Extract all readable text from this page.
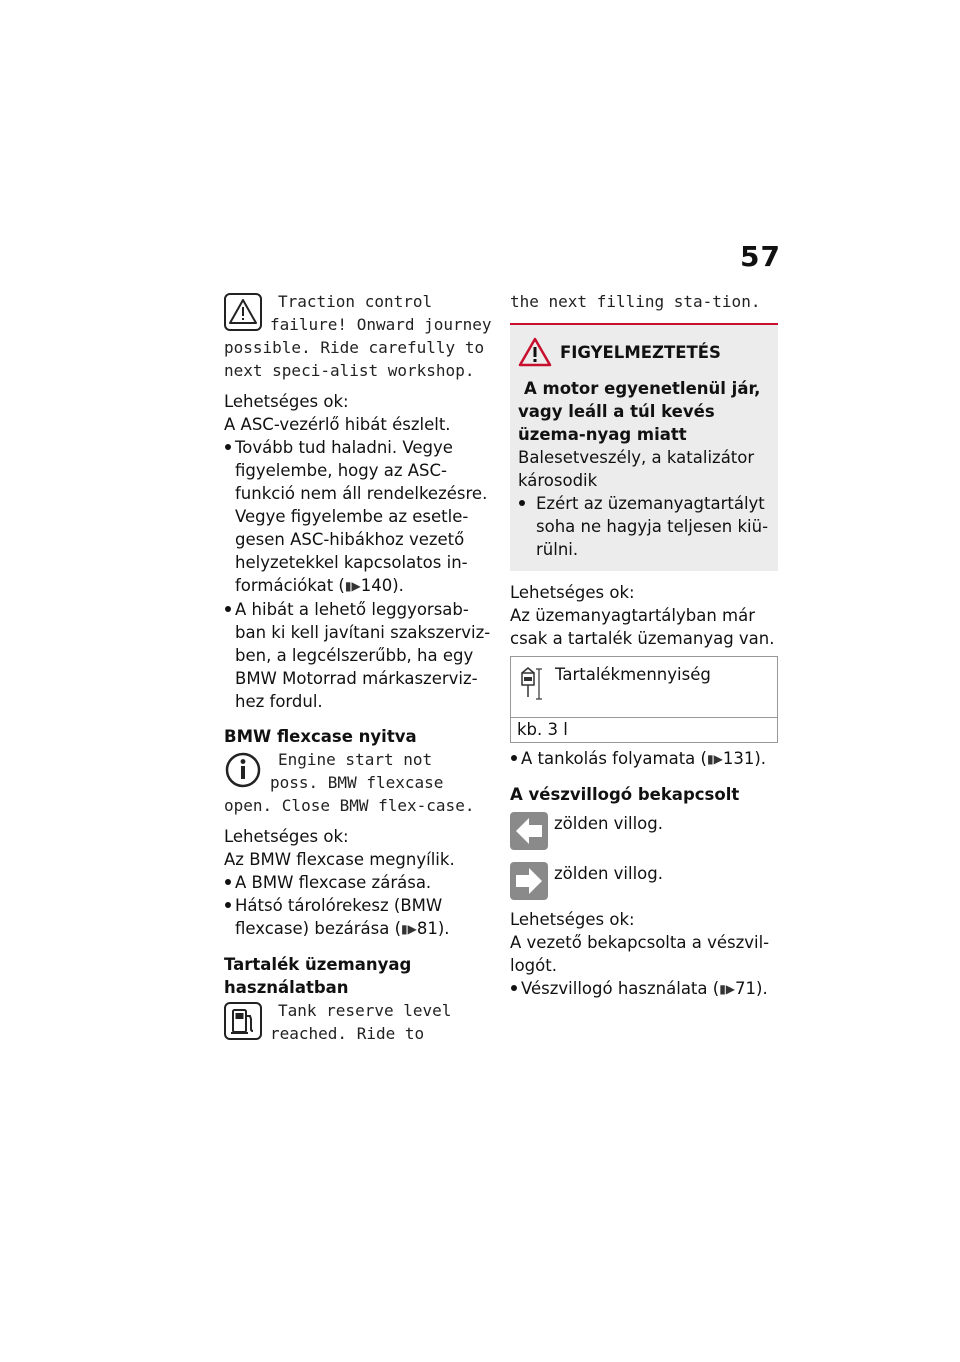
57
Traction control
failure! Onward journey possible. Ride carefully to next speci-alist workshop.

Lehetséges ok:

A ASC-vezérlő hibát észlelt.

Tovább tud haladni. Vegye figyelembe, hogy az ASC-funkció nem áll rendelkezésre. Vegye figyelembe az esetle-gesen ASC-hibákhoz vezető helyzetekkel kapcsolatos in-formációkat (▮▶140).
A hibát a lehető leggyorsab-ban ki kell javítani szakszerviz-ben, a legcélszerűbb, ha egy BMW Motorrad márkaszerviz-hez fordul.

BMW flexcase nyitva

Engine start not
poss. BMW flexcase open. Close BMW flex-case.

Lehetséges ok:

Az BMW flexcase megnyílik.

A BMW flexcase zárása.
Hátsó tárolórekesz (BMW flexcase) bezárása (▮▶81).

Tartalék üzemanyag használatban

Tank reserve level
reached. Ride to
the next filling sta-tion.
FIGYELMEZTETÉS
A motor egyenetlenül jár, vagy leáll a túl kevés üzema-nyag miatt

Balesetveszély, a katalizátor károsodik

Ezért az üzemanyagtartályt soha ne hagyja teljesen kiü-rülni.

Lehetséges ok:

Az üzemanyagtartályban már csak a tartalék üzemanyag van.

Tartalékmennyiség
kb. 3 l
A tankolás folyamata (▮▶131).

A vészvillogó bekapcsolt

zölden villog.
zölden villog.

Lehetséges ok:

A vezető bekapcsolta a vészvil-logót.

Vészvillogó használata (▮▶71).
